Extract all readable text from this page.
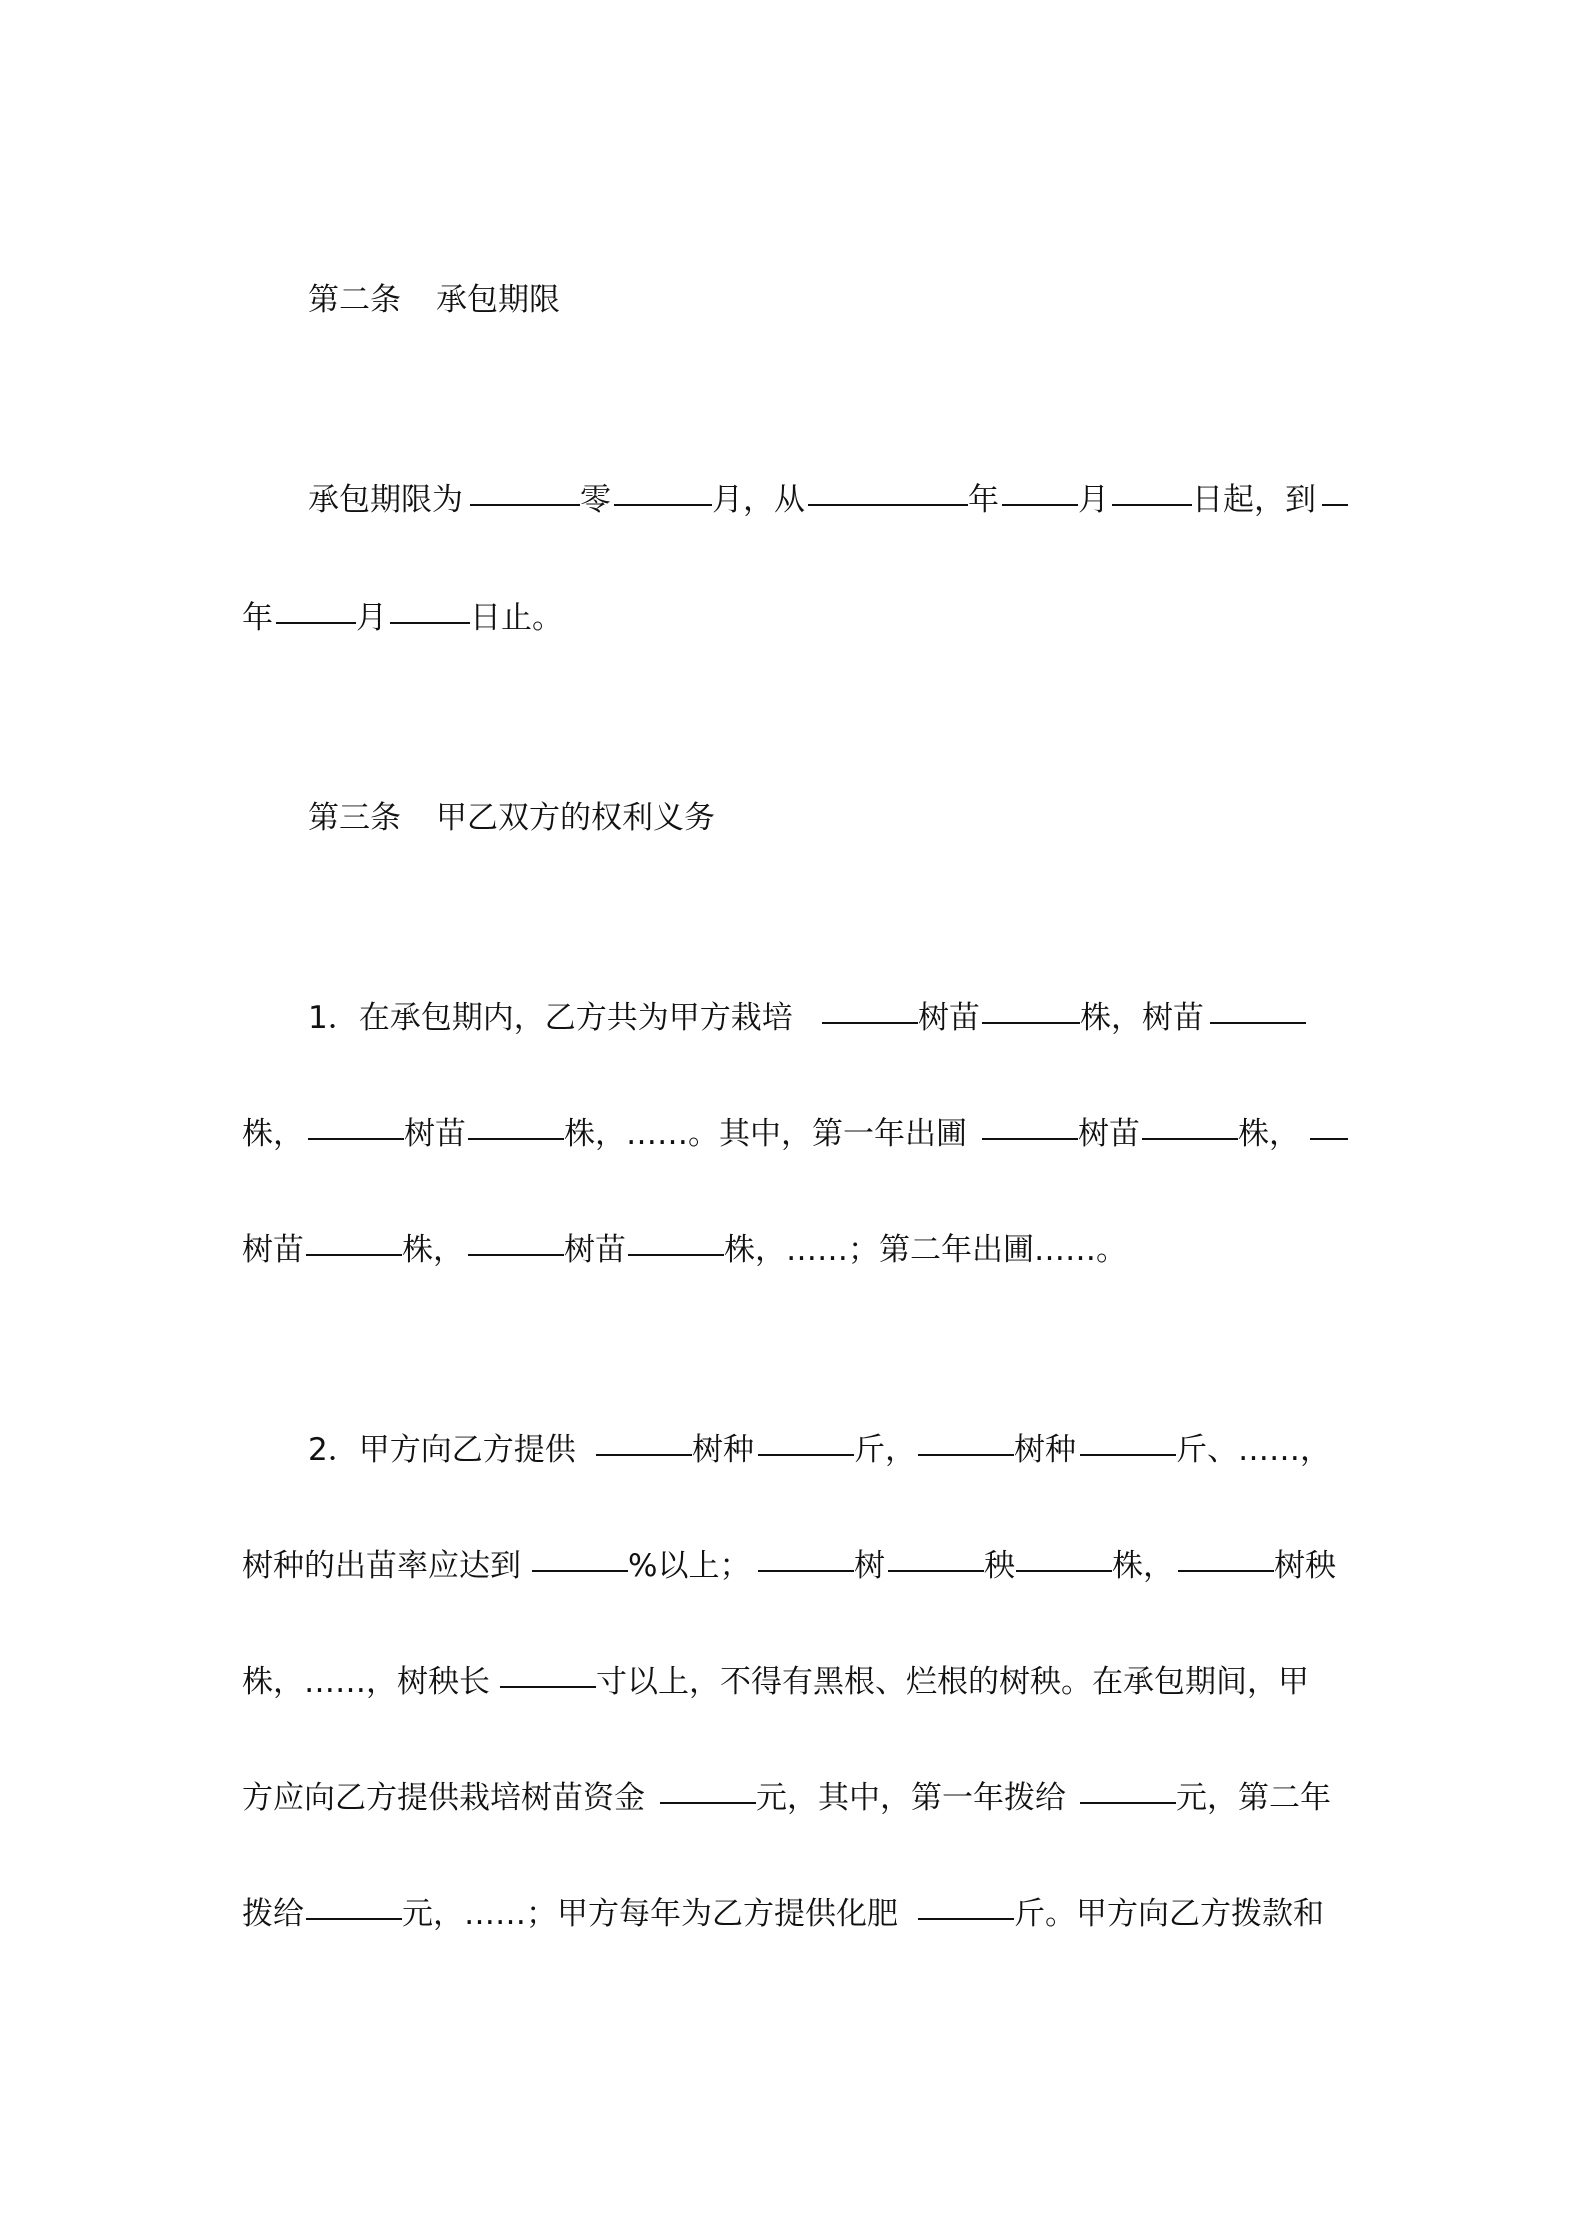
第二条 承包期限
承包期限为	零	月，从	年	月	日起，到
年	月	日止。
第三条 甲乙双方的权利义务
1．在承包期内，乙方共为甲方栽培	树苗	株，树苗
株，	树苗	株，……。其中，第一年出圃	树苗	株，
树苗	株，	树苗	株，……；第二年出圃……。
2．甲方向乙方提供	树种	斤，	树种	斤、……，
树种的出苗率应达到	%以上；	树	秧	株，	树秧
株，……，树秧长	寸以上，不得有黑根、烂根的树秧。在承包期间，甲
方应向乙方提供栽培树苗资金	元，其中，第一年拨给	元，第二年
拨给	元，……；甲方每年为乙方提供化肥	斤。甲方向乙方拨款和
